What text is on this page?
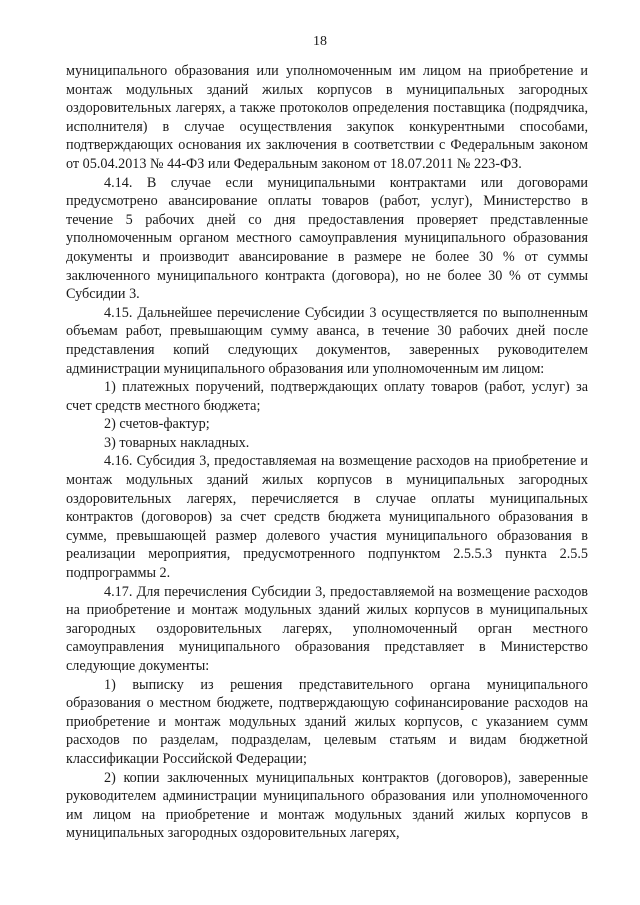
18

муниципального образования или уполномоченным им лицом на приобретение и монтаж модульных зданий жилых корпусов в муниципальных загородных оздоровительных лагерях, а также протоколов определения поставщика (подрядчика, исполнителя) в случае осуществления закупок конкурентными способами, подтверждающих основания их заключения в соответствии с Федеральным законом от 05.04.2013 № 44-ФЗ или Федеральным законом от 18.07.2011 № 223-ФЗ.

4.14. В случае если муниципальными контрактами или договорами предусмотрено авансирование оплаты товаров (работ, услуг), Министерство в течение 5 рабочих дней со дня предоставления проверяет представленные уполномоченным органом местного самоуправления муниципального образования документы и производит авансирование в размере не более 30 % от суммы заключенного муниципального контракта (договора), но не более 30 % от суммы Субсидии 3.

4.15. Дальнейшее перечисление Субсидии 3 осуществляется по выполненным объемам работ, превышающим сумму аванса, в течение 30 рабочих дней после представления копий следующих документов, заверенных руководителем администрации муниципального образования или уполномоченным им лицом:

1) платежных поручений, подтверждающих оплату товаров (работ, услуг) за счет средств местного бюджета;

2) счетов-фактур;

3) товарных накладных.

4.16. Субсидия 3, предоставляемая на возмещение расходов на приобретение и монтаж модульных зданий жилых корпусов в муниципальных загородных оздоровительных лагерях, перечисляется в случае оплаты муниципальных контрактов (договоров) за счет средств бюджета муниципального образования в сумме, превышающей размер долевого участия муниципального образования в реализации мероприятия, предусмотренного подпунктом 2.5.5.3 пункта 2.5.5 подпрограммы 2.

4.17. Для перечисления Субсидии 3, предоставляемой на возмещение расходов на приобретение и монтаж модульных зданий жилых корпусов в муниципальных загородных оздоровительных лагерях, уполномоченный орган местного самоуправления муниципального образования представляет в Министерство следующие документы:

1) выписку из решения представительного органа муниципального образования о местном бюджете, подтверждающую софинансирование расходов на приобретение и монтаж модульных зданий жилых корпусов, с указанием сумм расходов по разделам, подразделам, целевым статьям и видам бюджетной классификации Российской Федерации;

2) копии заключенных муниципальных контрактов (договоров), заверенные руководителем администрации муниципального образования или уполномоченного им лицом на приобретение и монтаж модульных зданий жилых корпусов в муниципальных загородных оздоровительных лагерях,
